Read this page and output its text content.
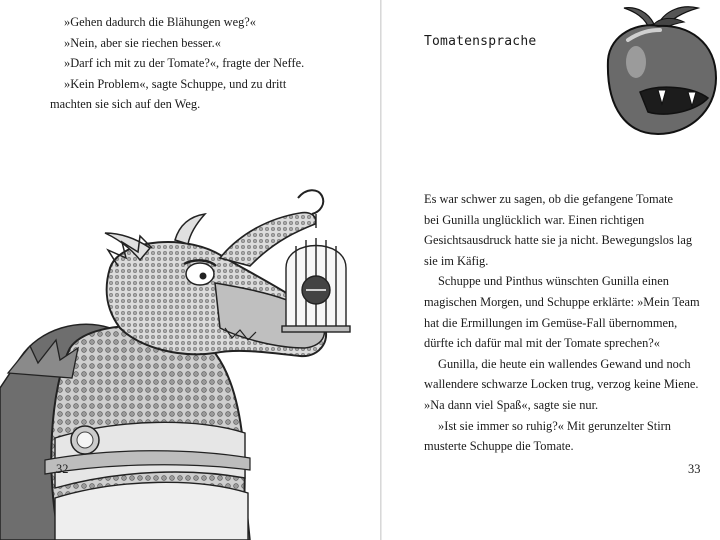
»Gehen dadurch die Blähungen weg?«

»Nein, aber sie riechen besser.«

»Darf ich mit zu der Tomate?«, fragte der Neffe.

»Kein Problem«, sagte Schuppe, und zu dritt
machten sie sich auf den Weg.

32
Tomatensprache

Es war schwer zu sagen, ob die gefangene Tomate
bei Gunilla unglücklich war. Einen richtigen
Gesichtsausdruck hatte sie ja nicht. Bewegungslos lag
sie im Käfig.

Schuppe und Pinthus wünschten Gunilla einen
magischen Morgen, und Schuppe erklärte: »Mein Team
hat die Ermillungen im Gemüse-Fall übernommen,
dürfte ich dafür mal mit der Tomate sprechen?«

Gunilla, die heute ein wallendes Gewand und noch
wallendere schwarze Locken trug, verzog keine Miene.
»Na dann viel Spaß«, sagte sie nur.

»Ist sie immer so ruhig?« Mit gerunzelter Stirn
musterte Schuppe die Tomate.

33
